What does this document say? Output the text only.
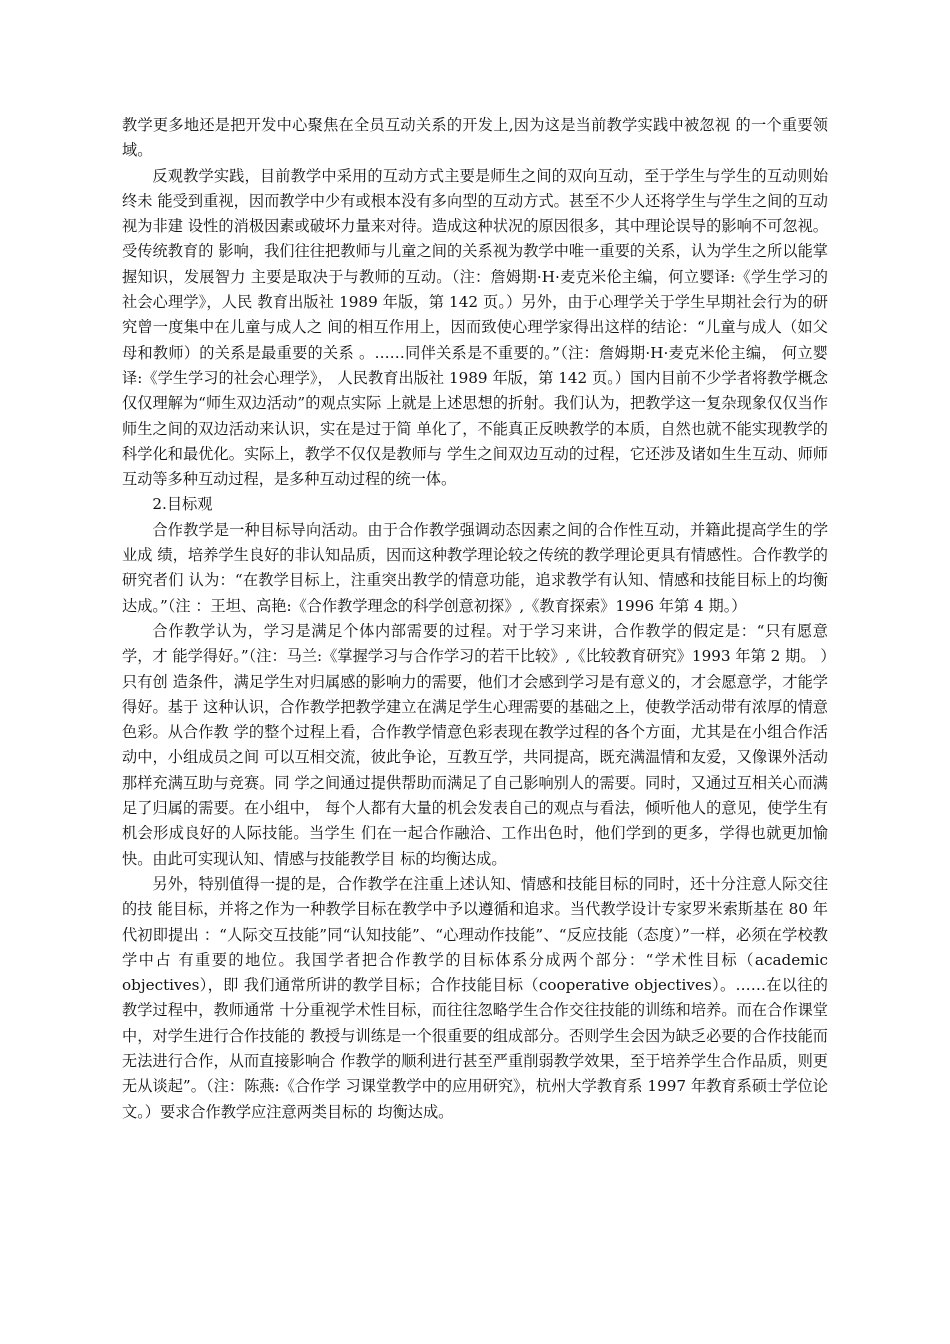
教学更多地还是把开发中心聚焦在全员互动关系的开发上,因为这是当前教学实践中被忽视 的一个重要领域。

反观教学实践，目前教学中采用的互动方式主要是师生之间的双向互动，至于学生与学生的互动则始终未 能受到重视，因而教学中少有或根本没有多向型的互动方式。甚至不少人还将学生与学生之间的互动视为非建 设性的消极因素或破坏力量来对待。造成这种状况的原因很多，其中理论误导的影响不可忽视。受传统教育的 影响，我们往往把教师与儿童之间的关系视为教学中唯一重要的关系，认为学生之所以能掌握知识，发展智力 主要是取决于与教师的互动。（注：詹姆期·H·麦克米伦主编，何立婴译:《学生学习的社会心理学》，人民 教育出版社 1989 年版，第 142 页。）另外，由于心理学关于学生早期社会行为的研究曾一度集中在儿童与成人之 间的相互作用上，因而致使心理学家得出这样的结论：“儿童与成人（如父母和教师）的关系是最重要的关系 。……同伴关系是不重要的。”（注：詹姆期·H·麦克米伦主编， 何立婴译:《学生学习的社会心理学》， 人民教育出版社 1989 年版，第 142 页。）国内目前不少学者将教学概念仅仅理解为“师生双边活动”的观点实际 上就是上述思想的折射。我们认为，把教学这一复杂现象仅仅当作师生之间的双边活动来认识，实在是过于简 单化了，不能真正反映教学的本质，自然也就不能实现教学的科学化和最优化。实际上，教学不仅仅是教师与 学生之间双边互动的过程，它还涉及诸如生生互动、师师互动等多种互动过程，是多种互动过程的统一体。

2.目标观

合作教学是一种目标导向活动。由于合作教学强调动态因素之间的合作性互动，并籍此提高学生的学业成 绩，培养学生良好的非认知品质，因而这种教学理论较之传统的教学理论更具有情感性。合作教学的研究者们 认为：“在教学目标上，注重突出教学的情意功能，追求教学有认知、情感和技能目标上的均衡达成。”（注 ：王坦、高艳:《合作教学理念的科学创意初探》,《教育探索》1996 年第 4 期。）

合作教学认为，学习是满足个体内部需要的过程。对于学习来讲，合作教学的假定是：“只有愿意学，才 能学得好。”（注：马兰:《掌握学习与合作学习的若干比较》,《比较教育研究》1993 年第 2 期。 ）只有创 造条件，满足学生对归属感的影响力的需要，他们才会感到学习是有意义的，才会愿意学，才能学得好。基于 这种认识，合作教学把教学建立在满足学生心理需要的基础之上，使教学活动带有浓厚的情意色彩。从合作教 学的整个过程上看，合作教学情意色彩表现在教学过程的各个方面，尤其是在小组合作活动中，小组成员之间 可以互相交流，彼此争论，互教互学，共同提高，既充满温情和友爱，又像课外活动那样充满互助与竞赛。同 学之间通过提供帮助而满足了自己影响别人的需要。同时，又通过互相关心而满足了归属的需要。在小组中， 每个人都有大量的机会发表自己的观点与看法，倾听他人的意见，使学生有机会形成良好的人际技能。当学生 们在一起合作融洽、工作出色时，他们学到的更多，学得也就更加愉快。由此可实现认知、情感与技能教学目 标的均衡达成。

另外，特别值得一提的是，合作教学在注重上述认知、情感和技能目标的同时，还十分注意人际交往的技 能目标，并将之作为一种教学目标在教学中予以遵循和追求。当代教学设计专家罗米索斯基在 80 年代初即提出 ：“人际交互技能”同“认知技能”、“心理动作技能”、“反应技能（态度）”一样，必须在学校教学中占 有重要的地位。我国学者把合作教学的目标体系分成两个部分：“学术性目标（academic objectives），即 我们通常所讲的教学目标；合作技能目标（cooperative objectives）。……在以往的教学过程中，教师通常 十分重视学术性目标，而往往忽略学生合作交往技能的训练和培养。而在合作课堂中，对学生进行合作技能的 教授与训练是一个很重要的组成部分。否则学生会因为缺乏必要的合作技能而无法进行合作，从而直接影响合 作教学的顺利进行甚至严重削弱教学效果，至于培养学生合作品质，则更无从谈起”。（注：陈燕:《合作学 习课堂教学中的应用研究》，杭州大学教育系 1997 年教育系硕士学位论文。）要求合作教学应注意两类目标的 均衡达成。
